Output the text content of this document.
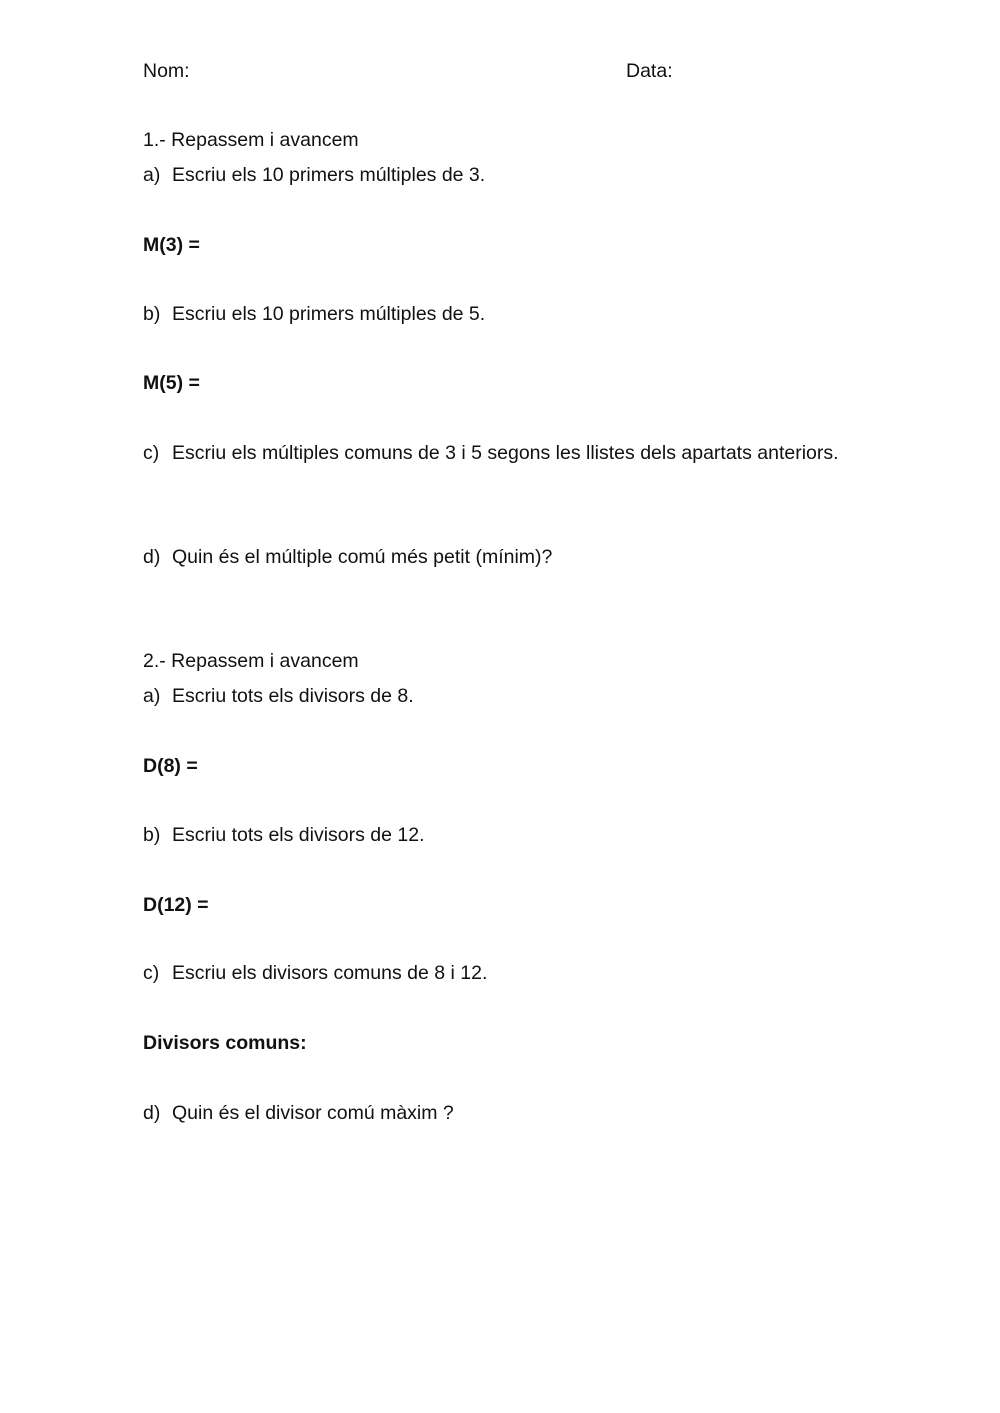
Nom:	Data:

1.- Repassem i avancem

a) Escriu els 10 primers múltiples de 3.

M(3) =

b) Escriu els 10 primers múltiples de 5.

M(5) =

c) Escriu els múltiples comuns de 3 i 5 segons les llistes dels apartats anteriors.

d) Quin és el múltiple comú més petit (mínim)?

2.- Repassem i avancem

a) Escriu tots els divisors de 8.

D(8) =

b) Escriu tots els divisors de 12.

D(12) =

c) Escriu els divisors comuns de 8 i 12.

Divisors comuns:

d) Quin és el divisor comú màxim ?
